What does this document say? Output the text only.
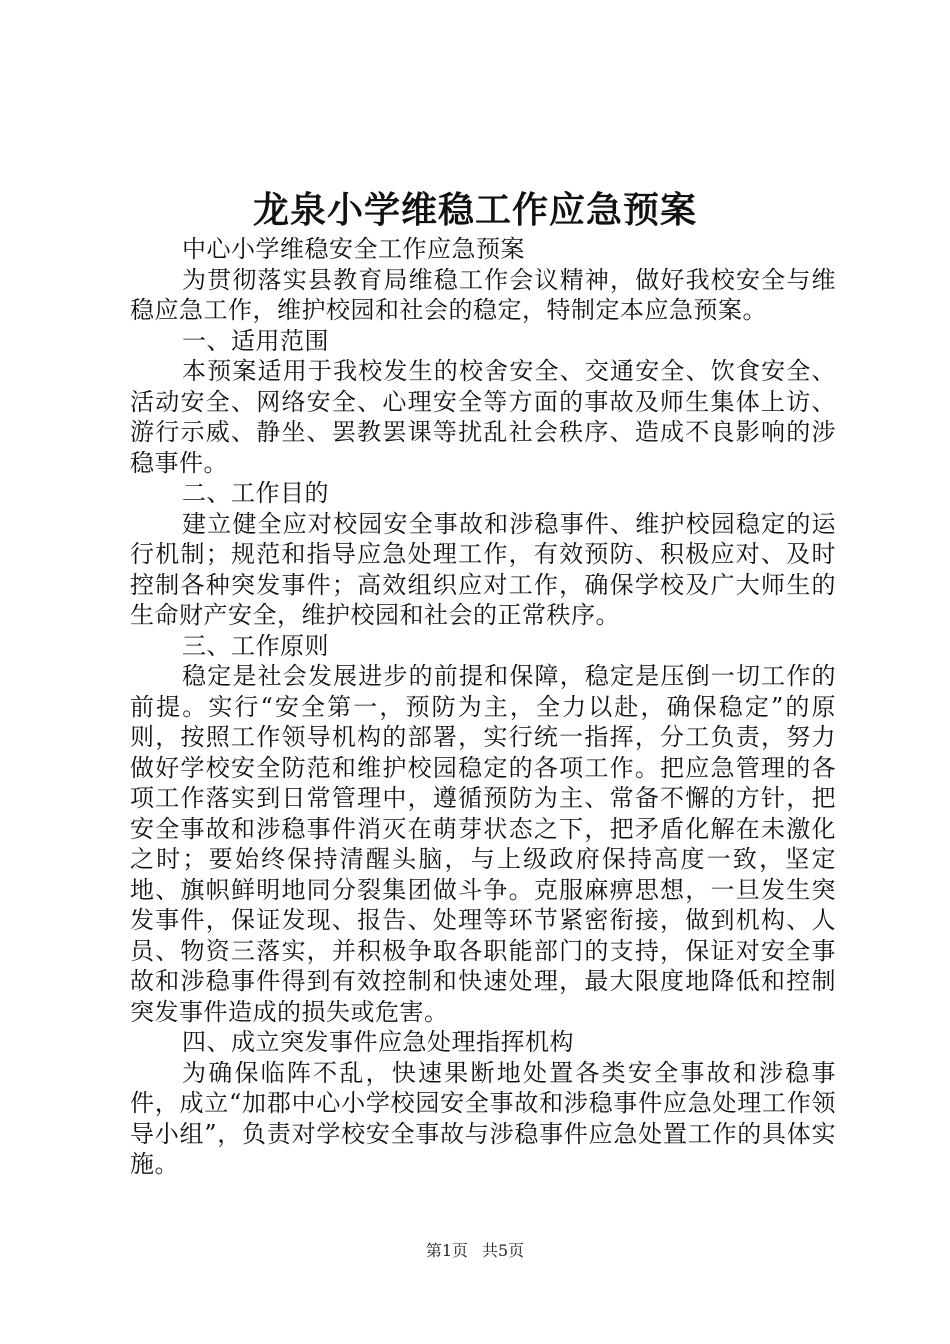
龙泉小学维稳工作应急预案

中心小学维稳安全工作应急预案

为贯彻落实县教育局维稳工作会议精神，做好我校安全与维稳应急工作，维护校园和社会的稳定，特制定本应急预案。

一、适用范围

本预案适用于我校发生的校舍安全、交通安全、饮食安全、活动安全、网络安全、心理安全等方面的事故及师生集体上访、游行示威、静坐、罢教罢课等扰乱社会秩序、造成不良影响的涉稳事件。

二、工作目的

建立健全应对校园安全事故和涉稳事件、维护校园稳定的运行机制；规范和指导应急处理工作，有效预防、积极应对、及时控制各种突发事件；高效组织应对工作，确保学校及广大师生的生命财产安全，维护校园和社会的正常秩序。

三、工作原则

稳定是社会发展进步的前提和保障，稳定是压倒一切工作的前提。实行“安全第一，预防为主，全力以赴，确保稳定”的原则，按照工作领导机构的部署，实行统一指挥，分工负责，努力做好学校安全防范和维护校园稳定的各项工作。把应急管理的各项工作落实到日常管理中，遵循预防为主、常备不懈的方针，把安全事故和涉稳事件消灭在萌芽状态之下，把矛盾化解在未激化之时；要始终保持清醒头脑，与上级政府保持高度一致，坚定地、旗帜鲜明地同分裂集团做斗争。克服麻痹思想，一旦发生突发事件，保证发现、报告、处理等环节紧密衔接，做到机构、人员、物资三落实，并积极争取各职能部门的支持，保证对安全事故和涉稳事件得到有效控制和快速处理，最大限度地降低和控制突发事件造成的损失或危害。

四、成立突发事件应急处理指挥机构

为确保临阵不乱，快速果断地处置各类安全事故和涉稳事件，成立“加郡中心小学校园安全事故和涉稳事件应急处理工作领导小组”，负责对学校安全事故与涉稳事件应急处置工作的具体实施。

第1页 共5页
